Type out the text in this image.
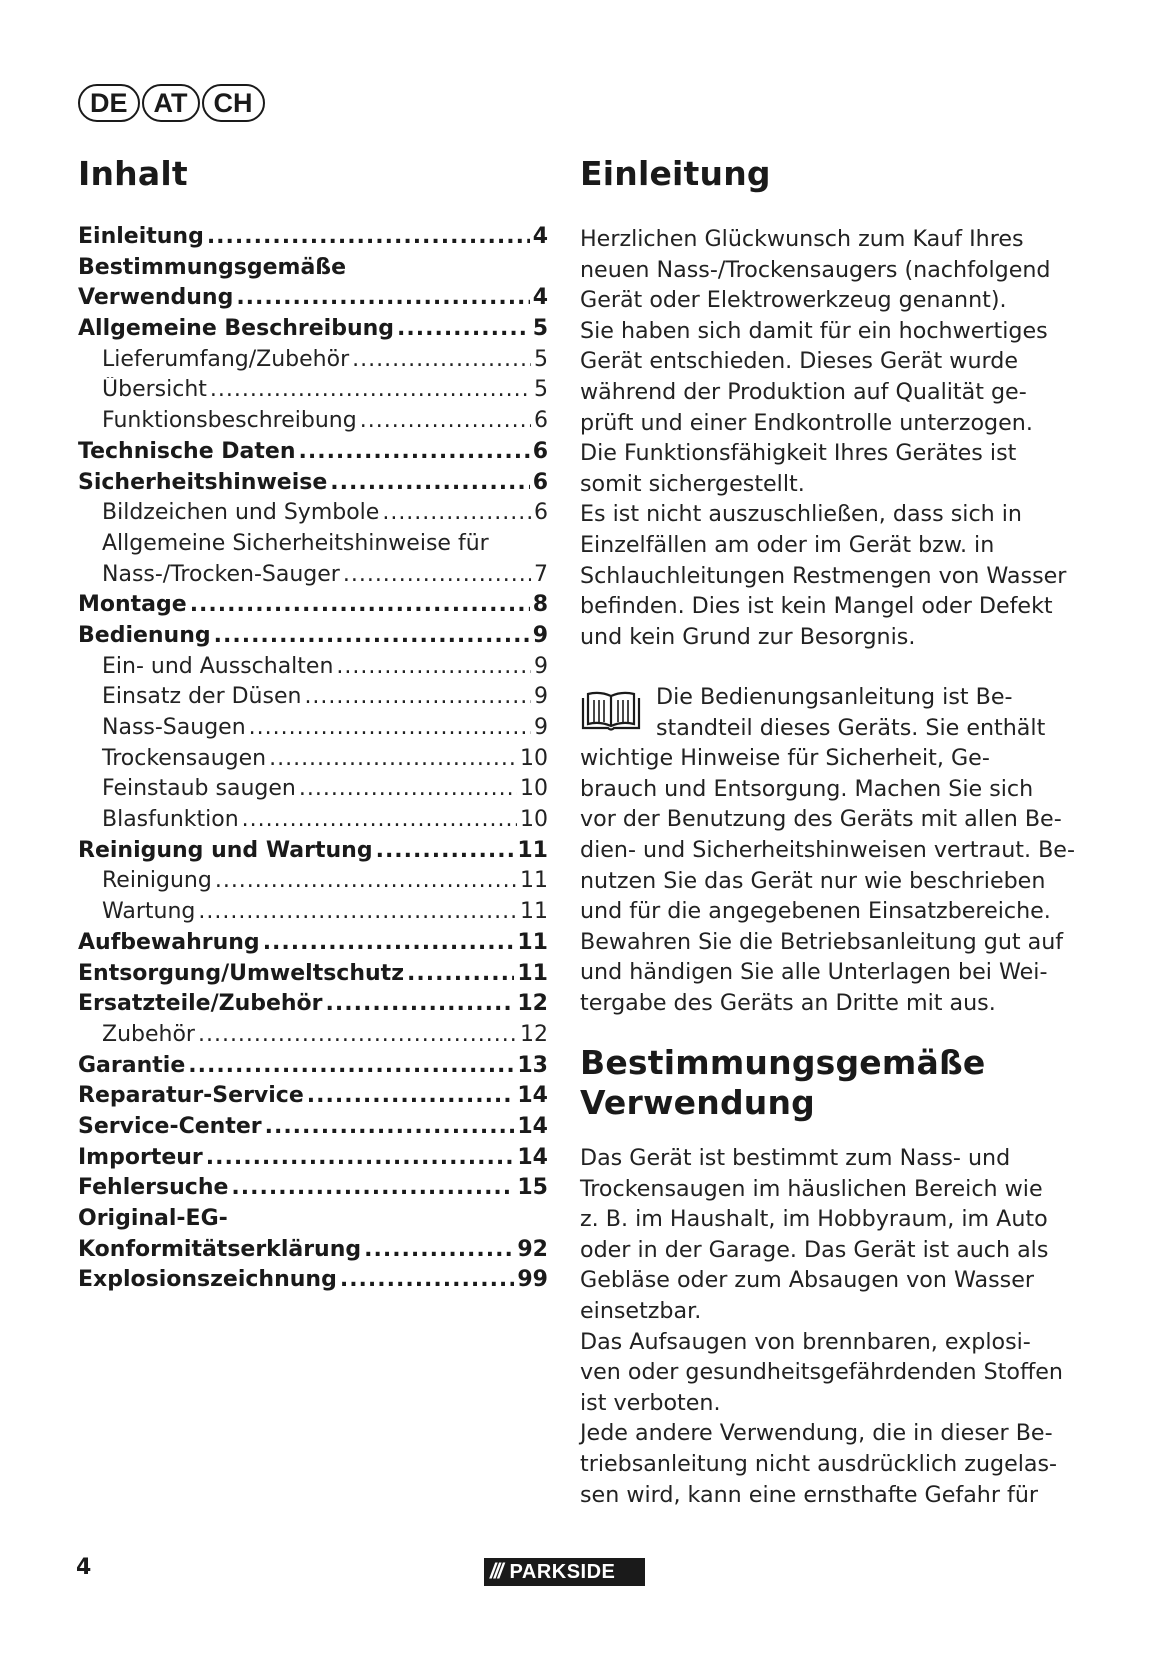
DE AT CH
Inhalt	Einleitung
Einleitung .....	4
Bestimmungsgemäße
Verwendung .....	4
Allgemeine Beschreibung .....	5
Lieferumfang/Zubehör .....	5
Übersicht .....	5
Funktionsbeschreibung .....	6
Technische Daten .....	6
Sicherheitshinweise .....	6
Bildzeichen und Symbole .....	6
Allgemeine Sicherheitshinweise für
Nass-/Trocken-Sauger .....	7
Montage .....	8
Bedienung .....	9
Ein- und Ausschalten .....	9
Einsatz der Düsen .....	9
Nass-Saugen .....	9
Trockensaugen .....	10
Feinstaub saugen .....	10
Blasfunktion .....	10
Reinigung und Wartung .....	11
Reinigung .....	11
Wartung .....	11
Aufbewahrung .....	11
Entsorgung/Umweltschutz .....	11
Ersatzteile/Zubehör .....	12
Zubehör .....	12
Garantie .....	13
Reparatur-Service .....	14
Service-Center .....	14
Importeur .....	14
Fehlersuche .....	15
Original-EG-
Konformitätserklärung .....	92
Explosionszeichnung .....	99

Herzlichen Glückwunsch zum Kauf Ihres
neuen Nass-/Trockensaugers (nachfolgend
Gerät oder Elektrowerkzeug genannt).
Sie haben sich damit für ein hochwertiges
Gerät entschieden. Dieses Gerät wurde
während der Produktion auf Qualität ge-
prüft und einer Endkontrolle unterzogen.
Die Funktionsfähigkeit Ihres Gerätes ist
somit sichergestellt.
Es ist nicht auszuschließen, dass sich in
Einzelfällen am oder im Gerät bzw. in
Schlauchleitungen Restmengen von Wasser
befinden. Dies ist kein Mangel oder Defekt
und kein Grund zur Besorgnis.

Die Bedienungsanleitung ist Be-
standteil dieses Geräts. Sie enthält
wichtige Hinweise für Sicherheit, Ge-
brauch und Entsorgung. Machen Sie sich
vor der Benutzung des Geräts mit allen Be-
dien- und Sicherheitshinweisen vertraut. Be-
nutzen Sie das Gerät nur wie beschrieben
und für die angegebenen Einsatzbereiche.
Bewahren Sie die Betriebsanleitung gut auf
und händigen Sie alle Unterlagen bei Wei-
tergabe des Geräts an Dritte mit aus.

Bestimmungsgemäße
Verwendung

Das Gerät ist bestimmt zum Nass- und
Trockensaugen im häuslichen Bereich wie
z. B. im Haushalt, im Hobbyraum, im Auto
oder in der Garage. Das Gerät ist auch als
Gebläse oder zum Absaugen von Wasser
einsetzbar.
Das Aufsaugen von brennbaren, explosi-
ven oder gesundheitsgefährdenden Stoffen
ist verboten.
Jede andere Verwendung, die in dieser Be-
triebsanleitung nicht ausdrücklich zugelas-
sen wird, kann eine ernsthafte Gefahr für

4	/// PARKSIDE
